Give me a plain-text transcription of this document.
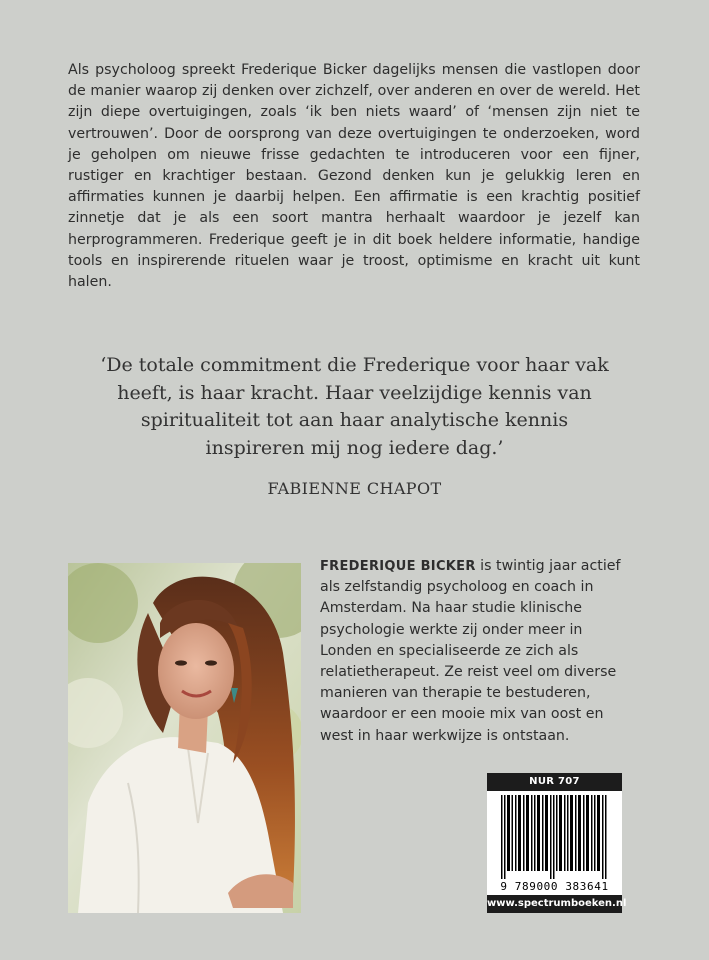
Als psycholoog spreekt Frederique Bicker dagelijks mensen die vastlopen door de manier waarop zij denken over zichzelf, over anderen en over de wereld. Het zijn diepe overtuigingen, zoals ‘ik ben niets waard’ of ‘mensen zijn niet te vertrouwen’. Door de oorsprong van deze overtuigingen te onderzoeken, word je geholpen om nieuwe frisse gedachten te introduceren voor een fijner, rustiger en krachtiger bestaan. Gezond denken kun je gelukkig leren en affirmaties kunnen je daarbij helpen. Een affirmatie is een krachtig positief zinnetje dat je als een soort mantra herhaalt waardoor je jezelf kan herprogrammeren. Frederique geeft je in dit boek heldere informatie, handige tools en inspirerende rituelen waar je troost, optimisme en kracht uit kunt halen.

‘De totale commitment die Frederique voor haar vak heeft, is haar kracht. Haar veelzijdige kennis van spiritualiteit tot aan haar analytische kennis inspireren mij nog iedere dag.’

FABIENNE CHAPOT

FREDERIQUE BICKER is twintig jaar actief als zelfstandig psycholoog en coach in Amsterdam. Na haar studie klinische psychologie werkte zij onder meer in Londen en specialiseerde ze zich als relatietherapeut. Ze reist veel om diverse manieren van therapie te bestuderen, waardoor er een mooie mix van oost en west in haar werkwijze is ontstaan.

NUR 707
9 789000 383641
www.spectrumboeken.nl
